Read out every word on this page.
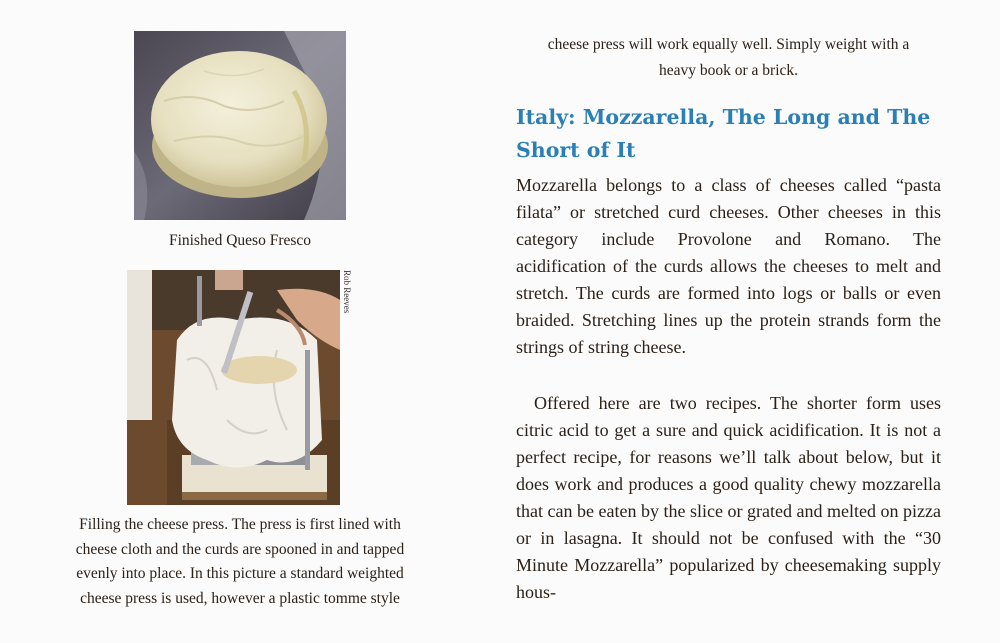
Finished Queso Fresco
Rob Reeves
Filling the cheese press. The press is first lined with
cheese cloth and the curds are spooned in and tapped
evenly into place. In this picture a standard weighted
cheese press is used, however a plastic tomme style
cheese press will work equally well. Simply weight with a
heavy book or a brick.
Italy: Mozzarella, The Long and The Short of It

Mozzarella belongs to a class of cheeses called “pasta filata” or stretched curd cheeses. Other cheeses in this category include Provolone and Romano. The acidification of the curds allows the cheeses to melt and stretch. The curds are formed into logs or balls or even braided. Stretching lines up the protein strands form the strings of string cheese.

Offered here are two recipes. The shorter form uses citric acid to get a sure and quick acidification. It is not a perfect recipe, for reasons we’ll talk about below, but it does work and produces a good quality chewy mozzarella that can be eaten by the slice or grated and melted on pizza or in lasagna. It should not be confused with the “30 Minute Mozzarella” popularized by cheesemaking supply hous-
